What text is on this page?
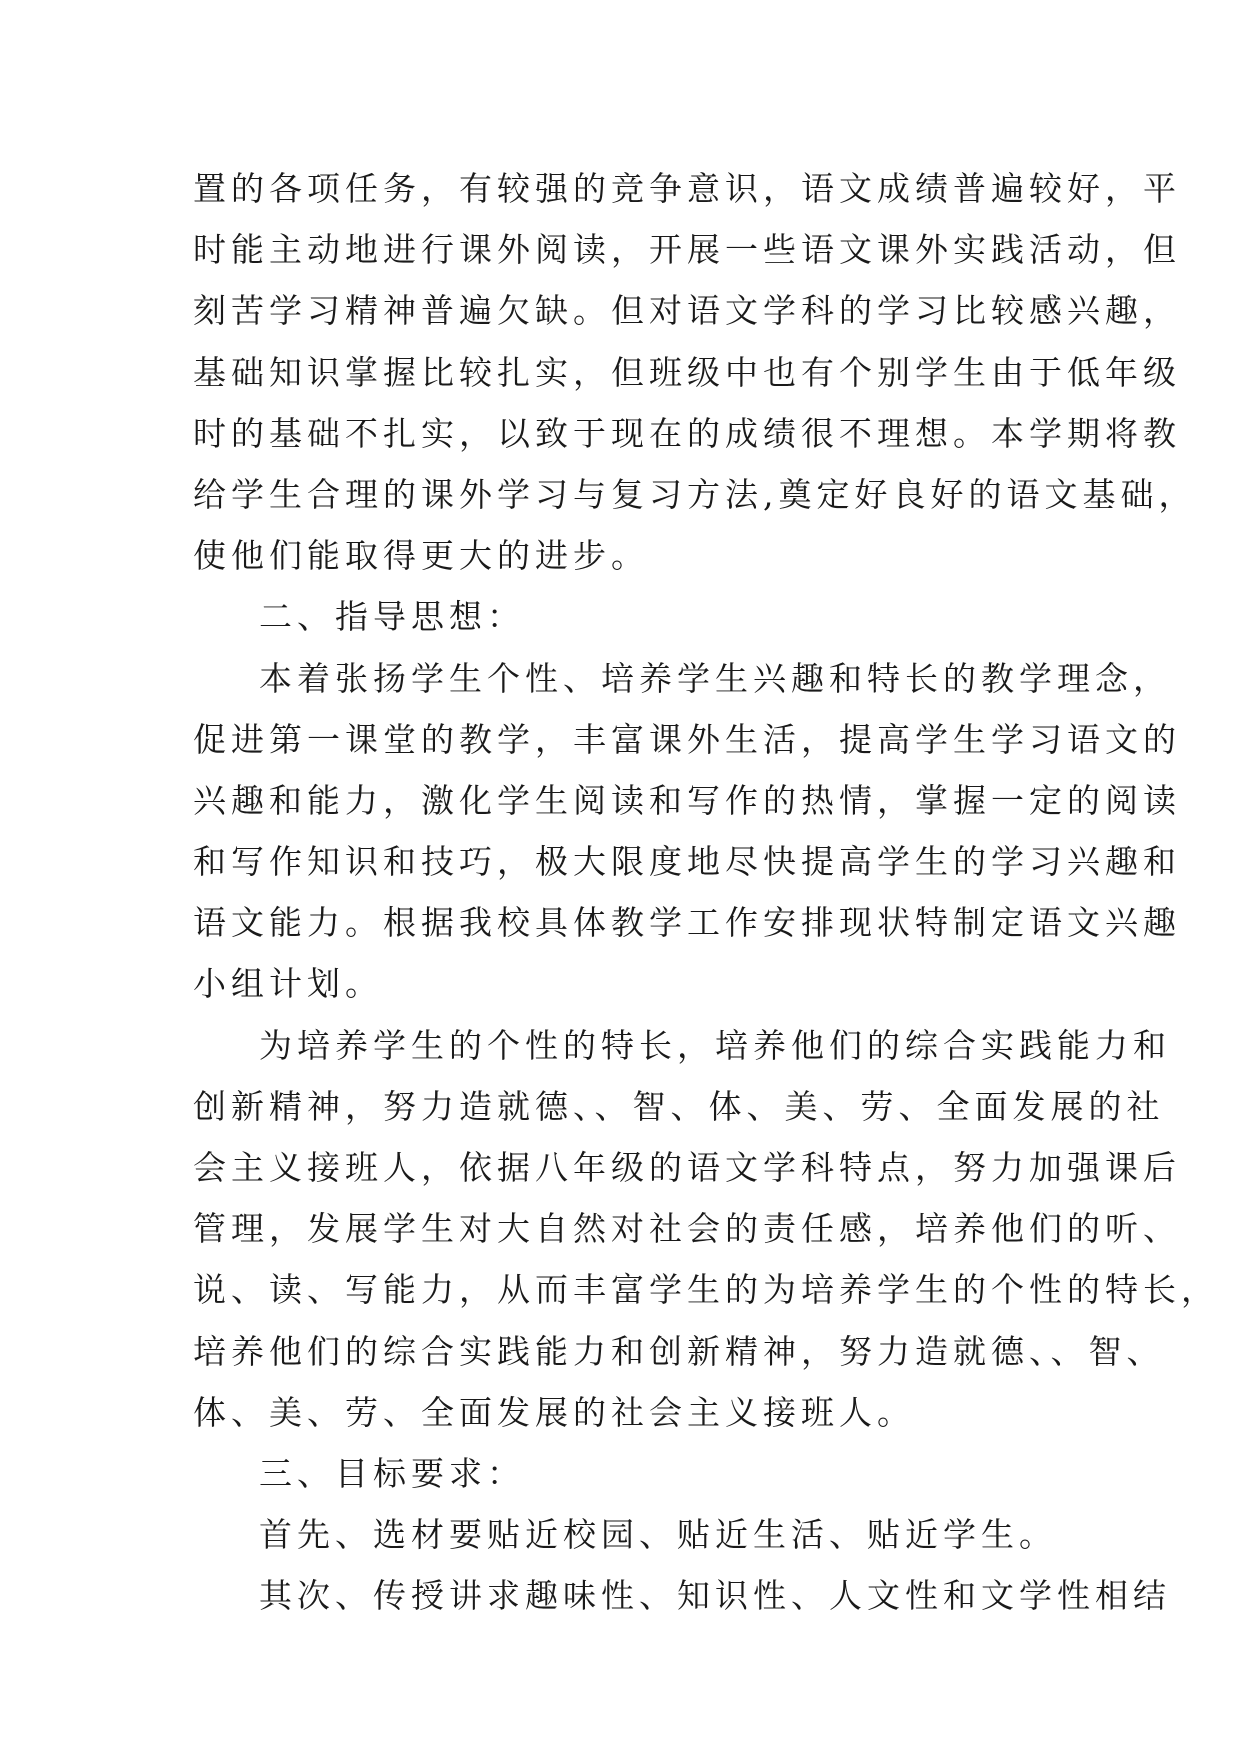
置的各项任务，有较强的竞争意识，语文成绩普遍较好，平

时能主动地进行课外阅读，开展一些语文课外实践活动，但

刻苦学习精神普遍欠缺。但对语文学科的学习比较感兴趣，

基础知识掌握比较扎实，但班级中也有个别学生由于低年级

时的基础不扎实，以致于现在的成绩很不理想。本学期将教

给学生合理的课外学习与复习方法,奠定好良好的语文基础，

使他们能取得更大的进步。

二、指导思想：

本着张扬学生个性、培养学生兴趣和特长的教学理念，

促进第一课堂的教学，丰富课外生活，提高学生学习语文的

兴趣和能力，激化学生阅读和写作的热情，掌握一定的阅读

和写作知识和技巧，极大限度地尽快提高学生的学习兴趣和

语文能力。根据我校具体教学工作安排现状特制定语文兴趣

小组计划。

为培养学生的个性的特长，培养他们的综合实践能力和

创新精神，努力造就德、、智、体、美、劳、全面发展的社

会主义接班人，依据八年级的语文学科特点，努力加强课后

管理，发展学生对大自然对社会的责任感，培养他们的听、

说、读、写能力，从而丰富学生的为培养学生的个性的特长，

培养他们的综合实践能力和创新精神，努力造就德、、智、

体、美、劳、全面发展的社会主义接班人。

三、目标要求：

首先、选材要贴近校园、贴近生活、贴近学生。

其次、传授讲求趣味性、知识性、人文性和文学性相结
